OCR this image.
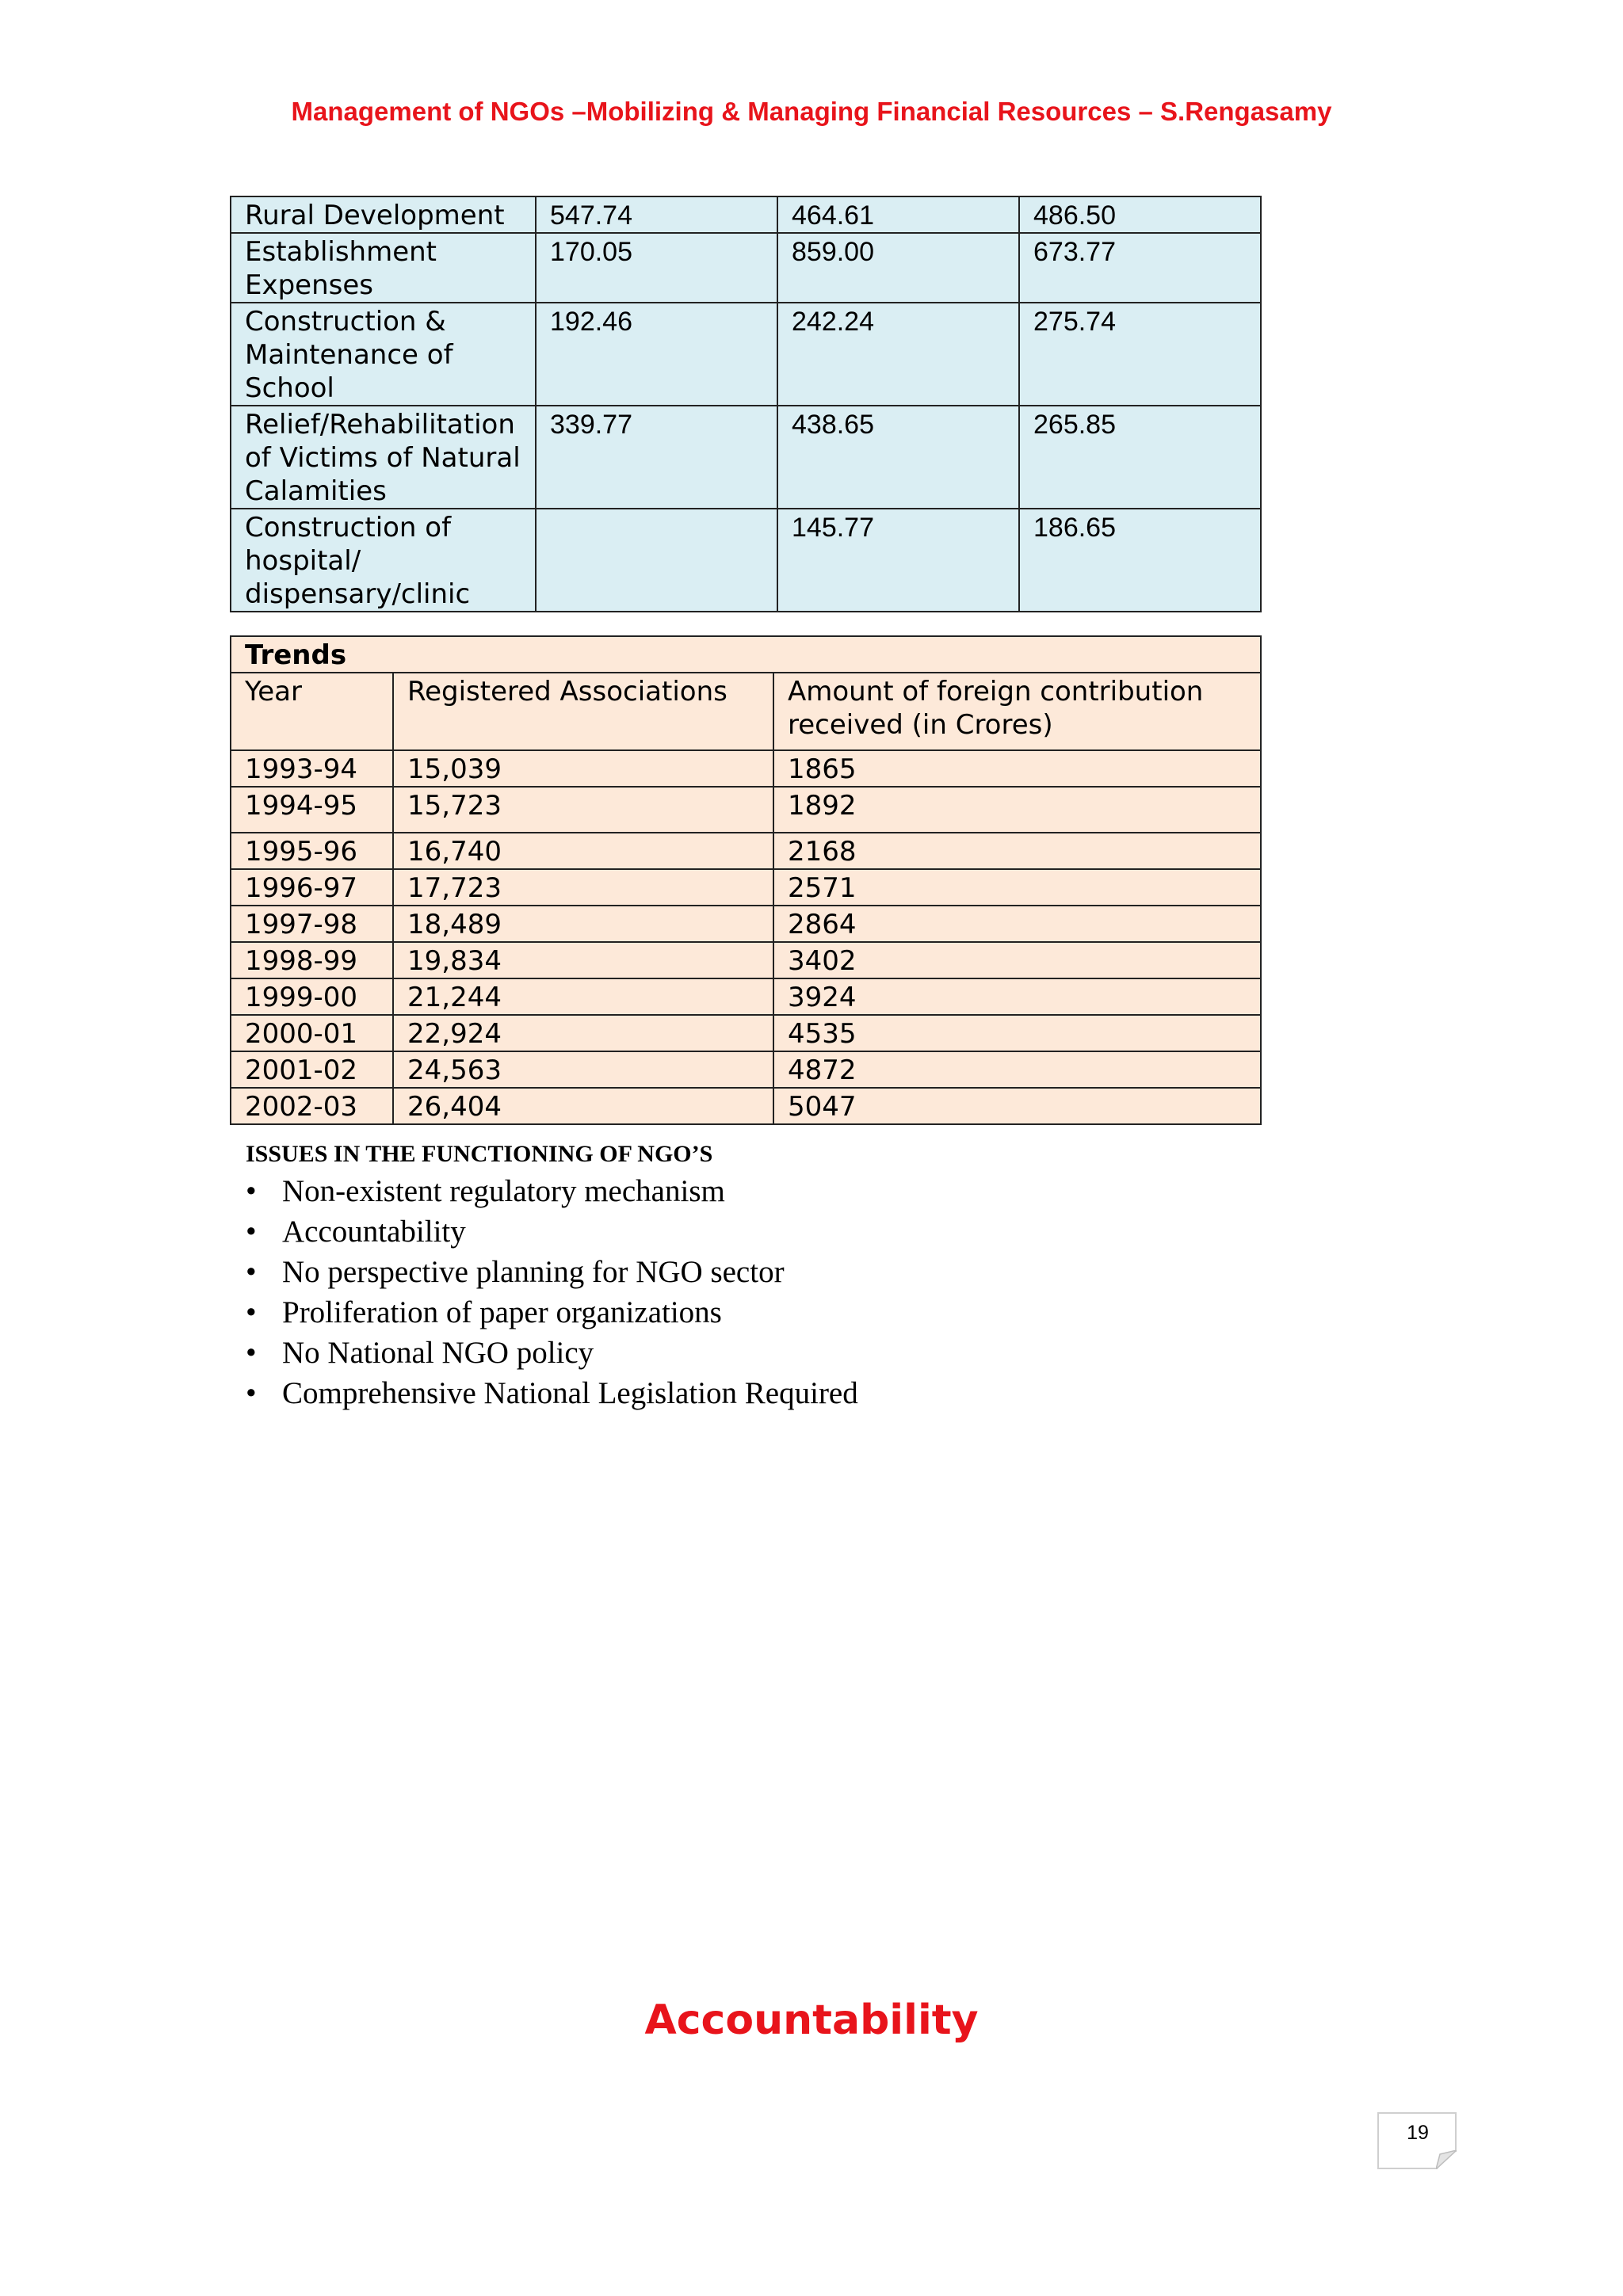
Management of NGOs –Mobilizing & Managing Financial Resources – S.Rengasamy
Rural Development	547.74	464.61	486.50
Establishment Expenses	170.05	859.00	673.77
Construction & Maintenance of School	192.46	242.24	275.74
Relief/Rehabilitation of Victims of Natural Calamities	339.77	438.65	265.85
Construction of hospital/ dispensary/clinic		145.77	186.65
Trends		
Year	Registered Associations	Amount of foreign contribution received (in Crores)
1993-94	15,039	1865
1994-95	15,723	1892
1995-96	16,740	2168
1996-97	17,723	2571
1997-98	18,489	2864
1998-99	19,834	3402
1999-00	21,244	3924
2000-01	22,924	4535
2001-02	24,563	4872
2002-03	26,404	5047
ISSUES IN THE FUNCTIONING OF NGO’S
• Non-existent regulatory mechanism
• Accountability
• No perspective planning for NGO sector
• Proliferation of paper organizations
• No National NGO policy
• Comprehensive National Legislation Required
Accountability
19
